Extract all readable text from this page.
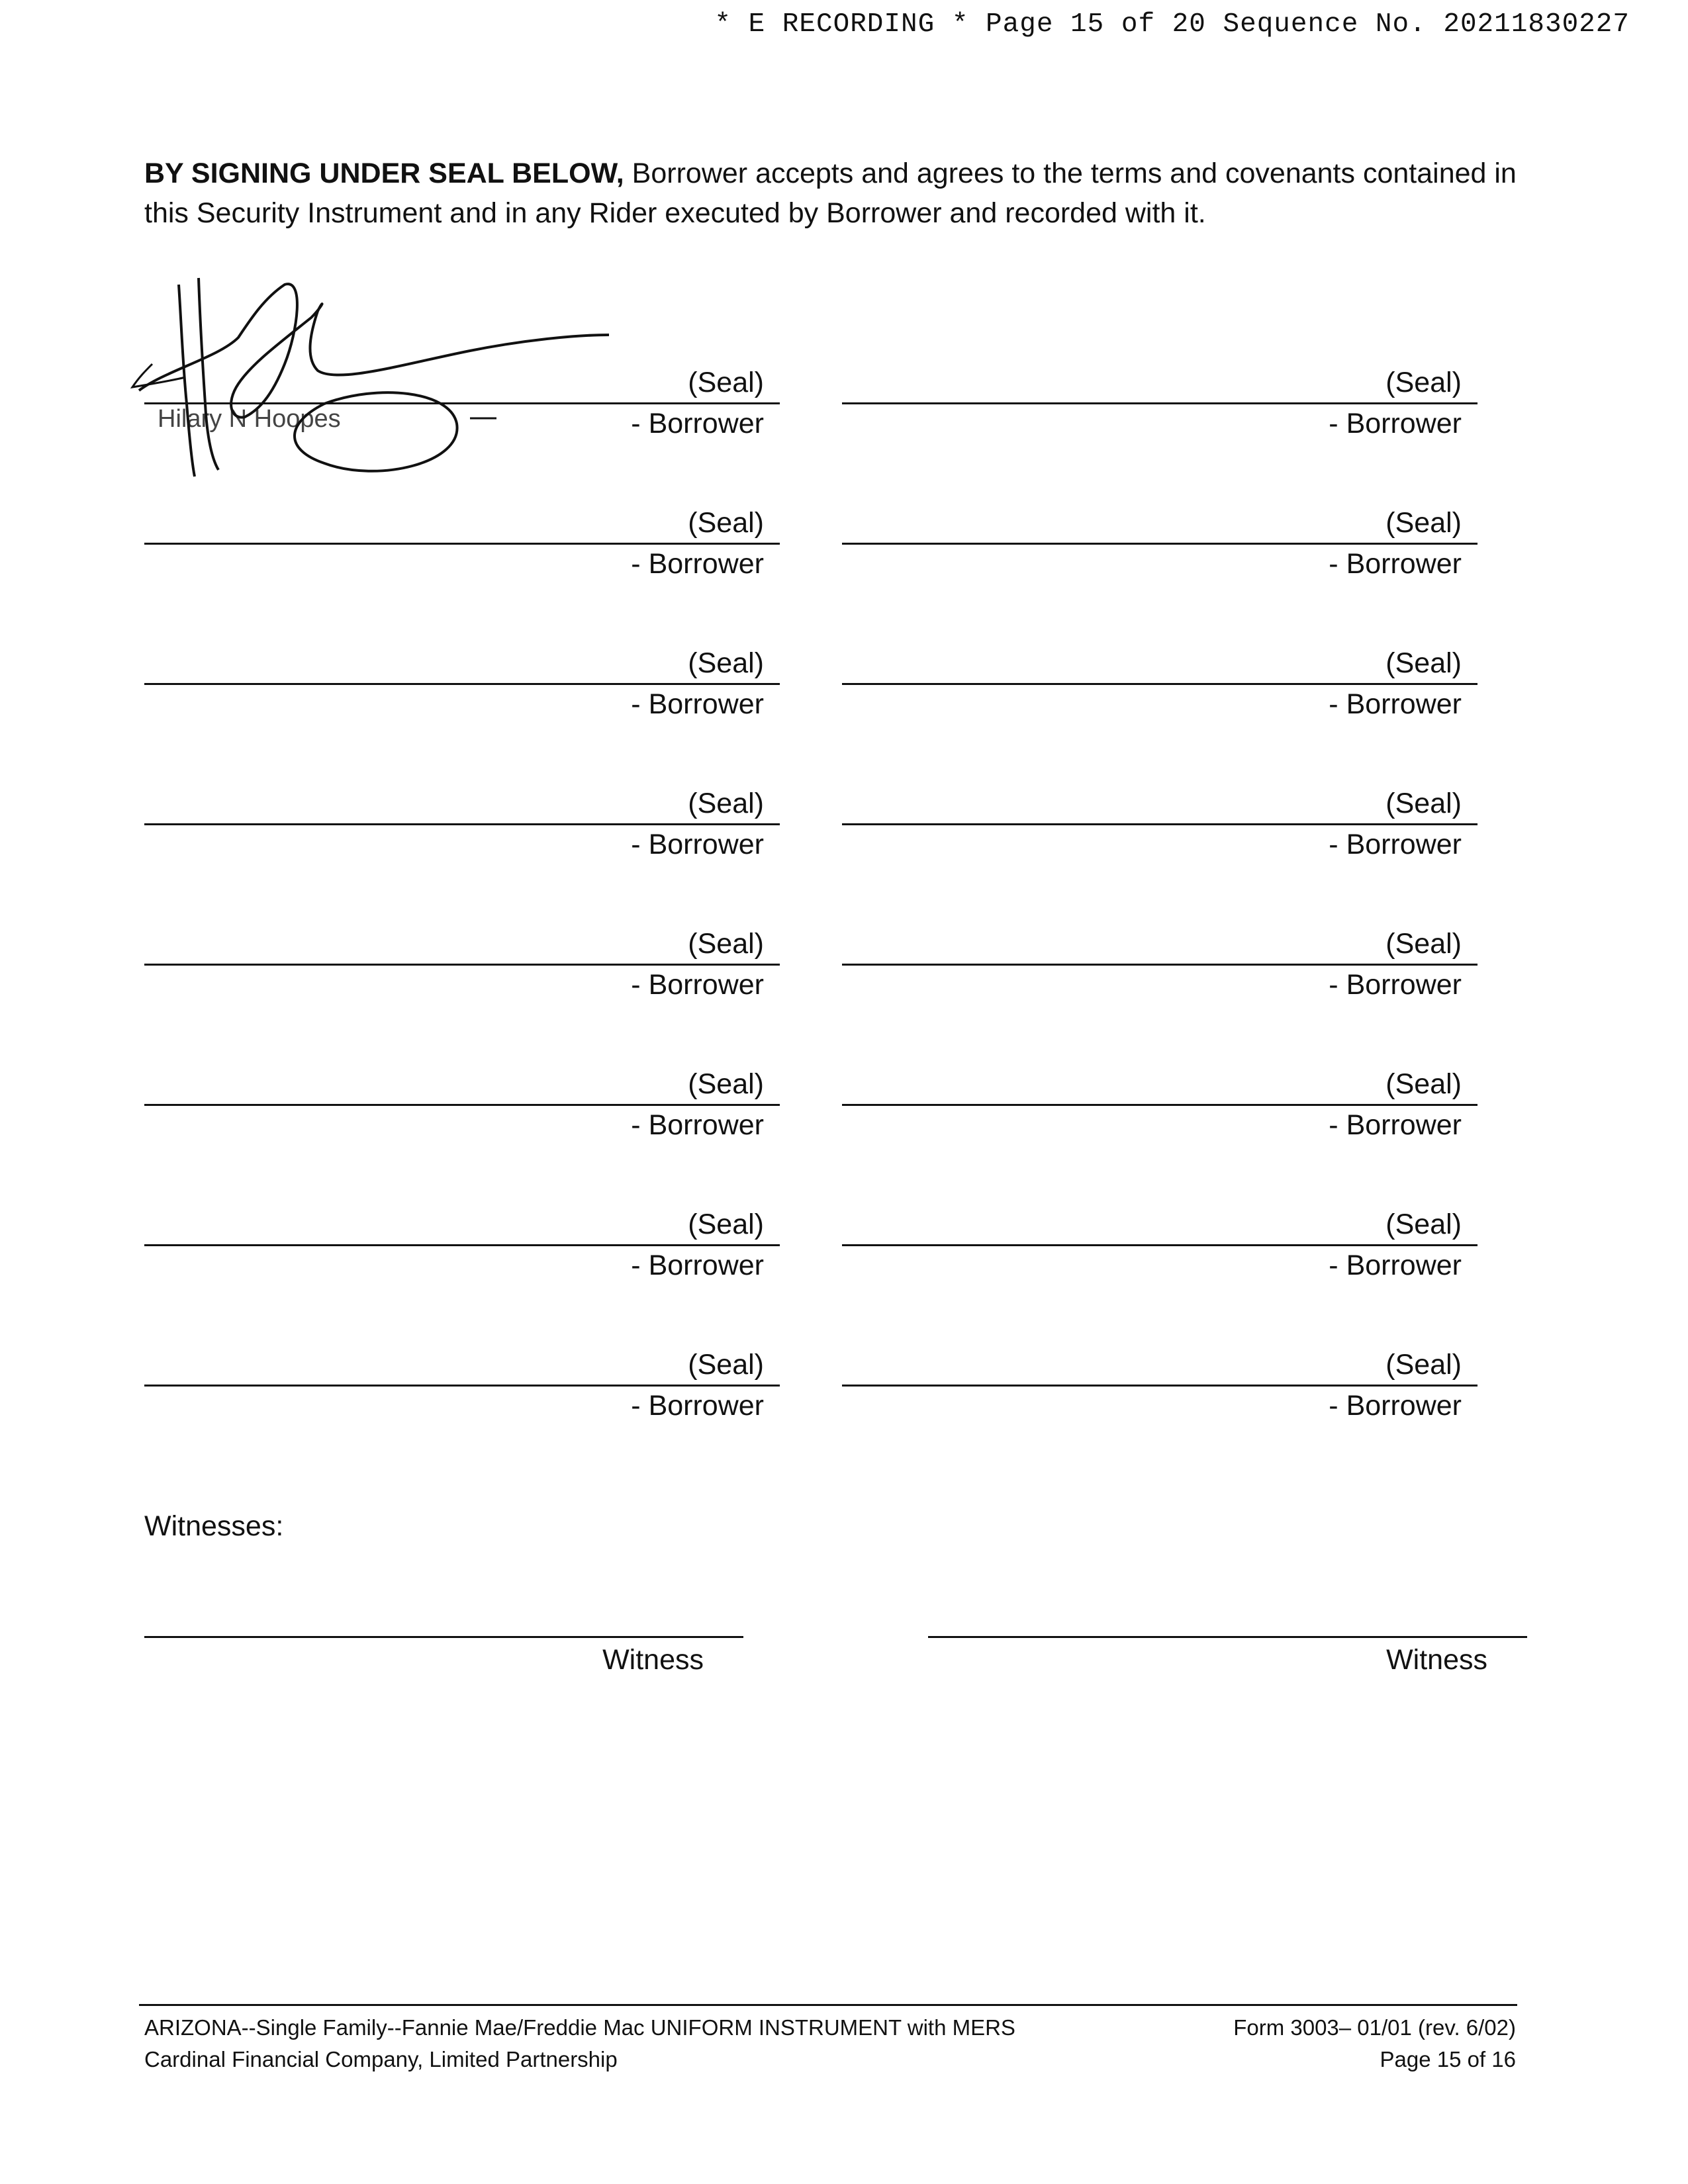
* E RECORDING * Page 15 of 20 Sequence No. 20211830227
BY SIGNING UNDER SEAL BELOW, Borrower accepts and agrees to the terms and covenants contained in this Security Instrument and in any Rider executed by Borrower and recorded with it.
(Seal)
Hilary N Hoopes	- Borrower
(Seal)
- Borrower
(Seal)
- Borrower
(Seal)
- Borrower
(Seal)
- Borrower
(Seal)
- Borrower
(Seal)
- Borrower
(Seal)
- Borrower
(Seal)
- Borrower
(Seal)
- Borrower
(Seal)
- Borrower
(Seal)
- Borrower
(Seal)
- Borrower
(Seal)
- Borrower
(Seal)
- Borrower
(Seal)
- Borrower
Witnesses:
Witness	Witness
ARIZONA--Single Family--Fannie Mae/Freddie Mac UNIFORM INSTRUMENT with MERS
Cardinal Financial Company, Limited Partnership
Form 3003– 01/01 (rev. 6/02)
Page 15 of 16
